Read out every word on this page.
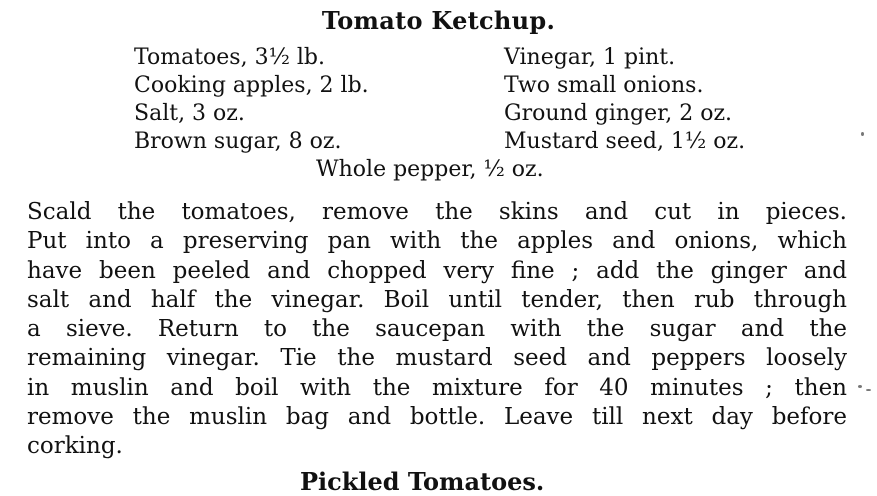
Tomato Ketchup.
Tomatoes, 3½ lb.
Cooking apples, 2 lb.
Salt, 3 oz.
Brown sugar, 8 oz.
Vinegar, 1 pint.
Two small onions.
Ground ginger, 2 oz.
Mustard seed, 1½ oz.
Whole pepper, ½ oz.
Scald the tomatoes, remove the skins and cut in pieces.
Put into a preserving pan with the apples and onions, which
have been peeled and chopped very fine ; add the ginger and
salt and half the vinegar. Boil until tender, then rub through
a sieve. Return to the saucepan with the sugar and the
remaining vinegar. Tie the mustard seed and peppers loosely
in muslin and boil with the mixture for 40 minutes ; then
remove the muslin bag and bottle. Leave till next day before
corking.
Pickled Tomatoes.
